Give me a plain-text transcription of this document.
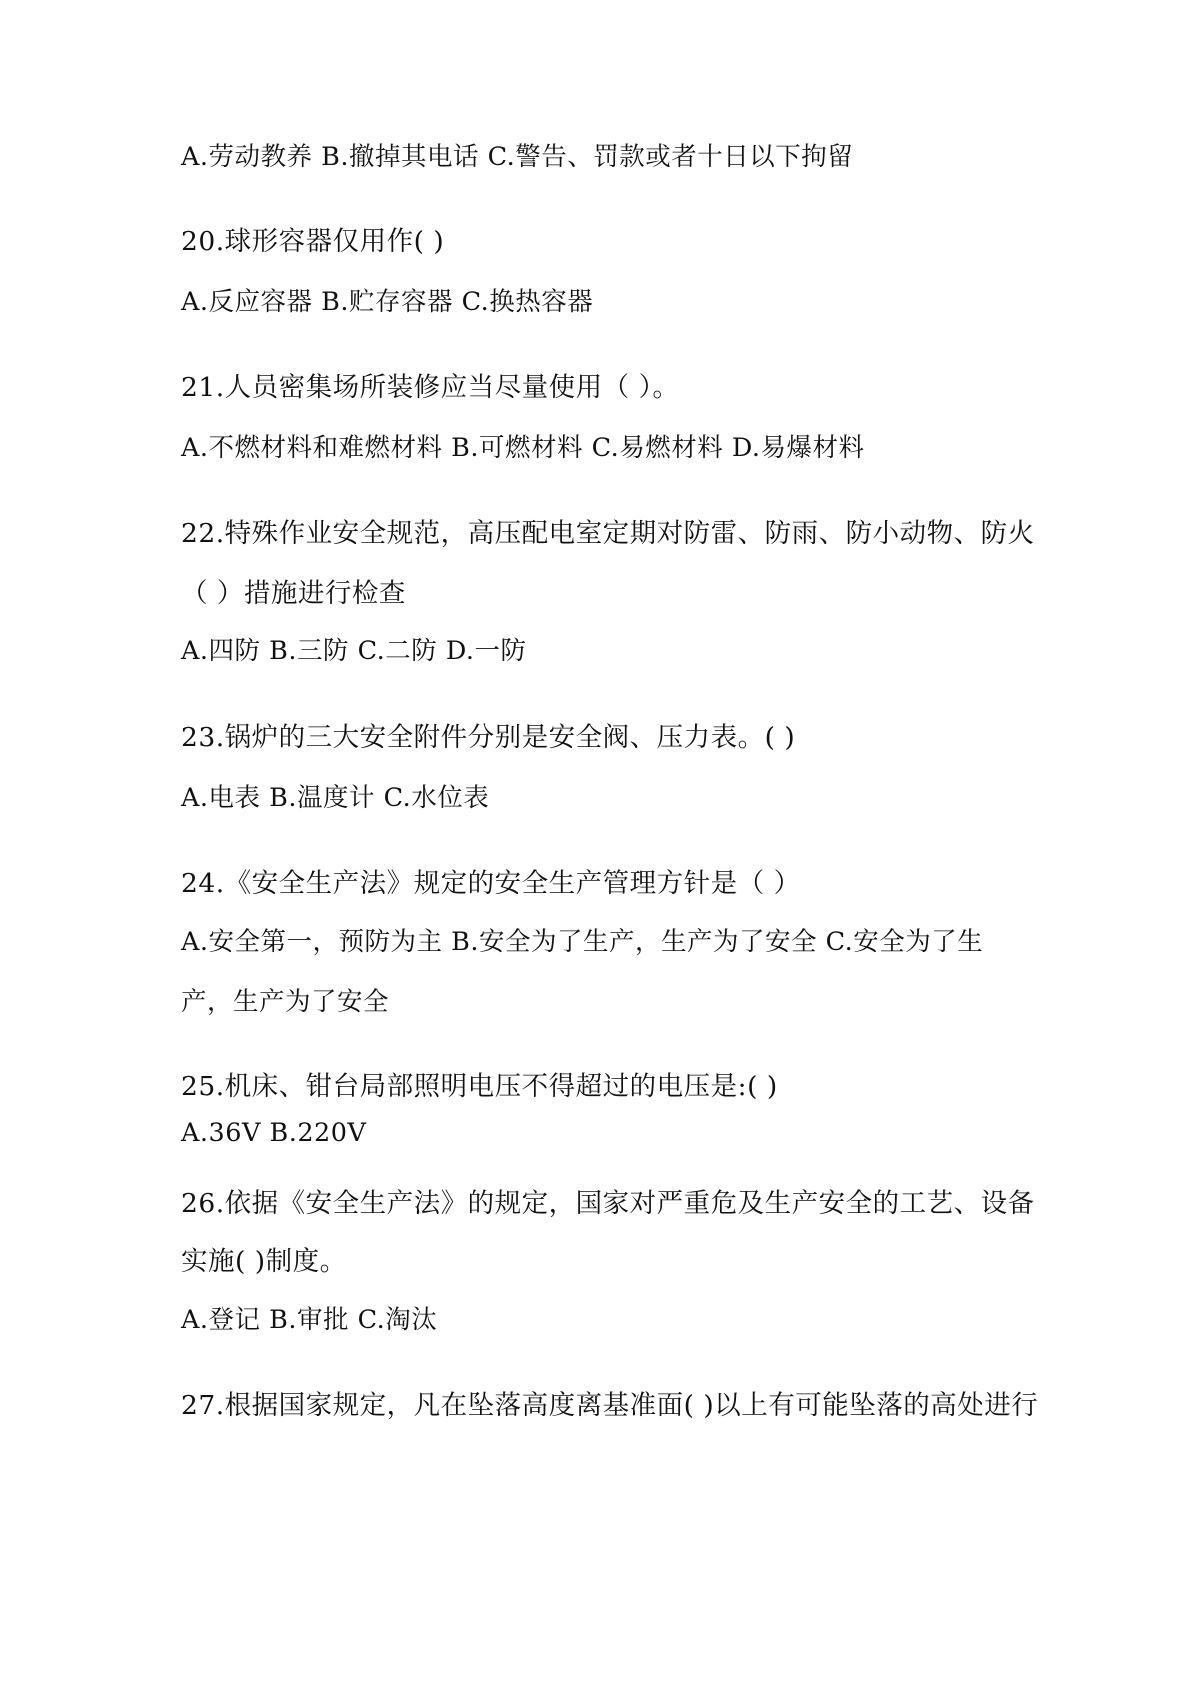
A.劳动教养 B.撤掉其电话 C.警告、罚款或者十日以下拘留
20.球形容器仅用作( )
A.反应容器 B.贮存容器 C.换热容器
21.人员密集场所装修应当尽量使用（ ）。
A.不燃材料和难燃材料 B.可燃材料 C.易燃材料 D.易爆材料
22.特殊作业安全规范，高压配电室定期对防雷、防雨、防小动物、防火
（ ）措施进行检查
A.四防 B.三防 C.二防 D.一防
23.锅炉的三大安全附件分别是安全阀、压力表。( )
A.电表 B.温度计 C.水位表
24.《安全生产法》规定的安全生产管理方针是（ ）
A.安全第一，预防为主 B.安全为了生产，生产为了安全 C.安全为了生
产，生产为了安全
25.机床、钳台局部照明电压不得超过的电压是:( )
A.36V B.220V
26.依据《安全生产法》的规定，国家对严重危及生产安全的工艺、设备
实施( )制度。
A.登记 B.审批 C.淘汰
27.根据国家规定，凡在坠落高度离基准面( )以上有可能坠落的高处进行
